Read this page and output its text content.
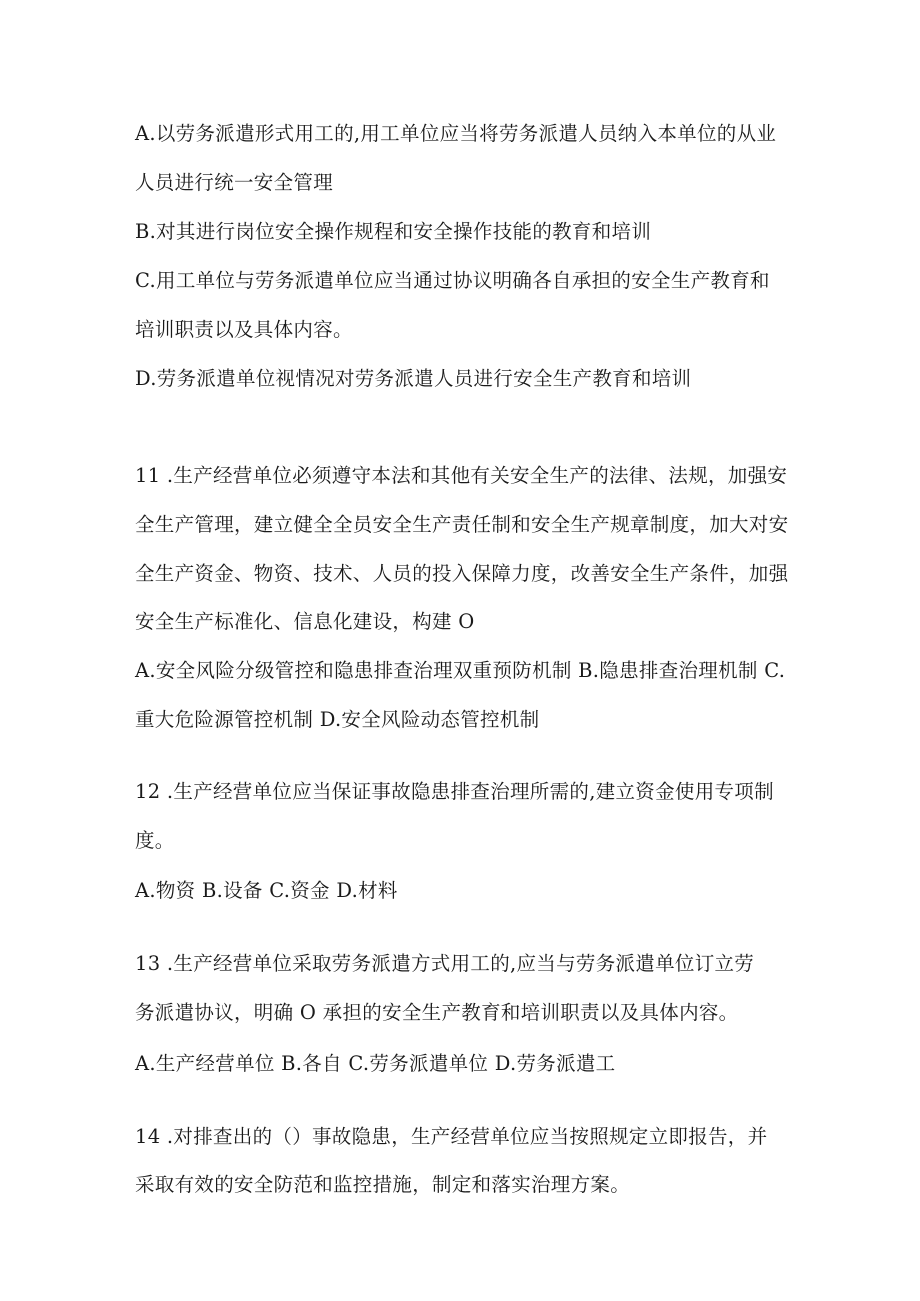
A.以劳务派遣形式用工的,用工单位应当将劳务派遣人员纳入本单位的从业
人员进行统一安全管理
B.对其进行岗位安全操作规程和安全操作技能的教育和培训
C.用工单位与劳务派遣单位应当通过协议明确各自承担的安全生产教育和
培训职责以及具体内容。
D.劳务派遣单位视情况对劳务派遣人员进行安全生产教育和培训
11 .生产经营单位必须遵守本法和其他有关安全生产的法律、法规，加强安
全生产管理，建立健全全员安全生产责任制和安全生产规章制度，加大对安
全生产资金、物资、技术、人员的投入保障力度，改善安全生产条件，加强
安全生产标准化、信息化建设，构建 O
A.安全风险分级管控和隐患排查治理双重预防机制 B.隐患排查治理机制 C.
重大危险源管控机制 D.安全风险动态管控机制
12 .生产经营单位应当保证事故隐患排查治理所需的,建立资金使用专项制
度。
A.物资 B.设备 C.资金 D.材料
13 .生产经营单位采取劳务派遣方式用工的,应当与劳务派遣单位订立劳
务派遣协议，明确 O 承担的安全生产教育和培训职责以及具体内容。
A.生产经营单位 B.各自 C.劳务派遣单位 D.劳务派遣工
14 .对排查出的（）事故隐患，生产经营单位应当按照规定立即报告，并
采取有效的安全防范和监控措施，制定和落实治理方案。
